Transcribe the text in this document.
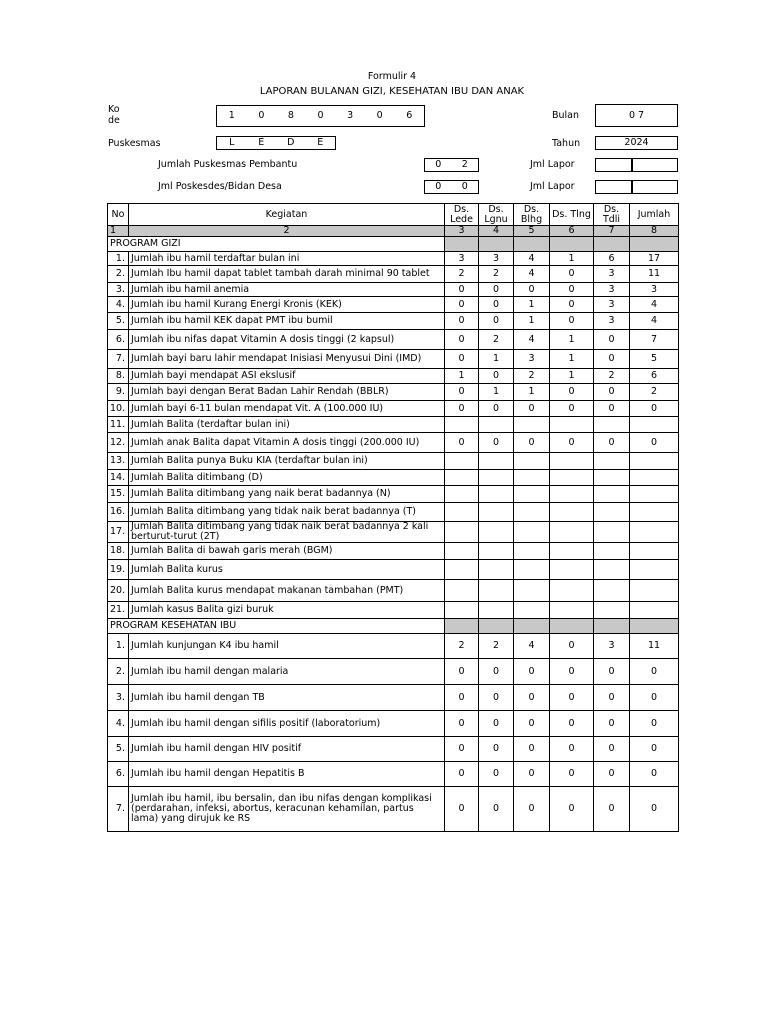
Formulir 4
LAPORAN BULANAN GIZI, KESEHATAN IBU DAN ANAK
Ko
de	1	0	8	0	3	0	6	Bulan	0 7
Puskesmas	L	E	D	E	Tahun	2024
Jumlah Puskesmas Pembantu	0	2	Jml Lapor
Jml Poskesdes/Bidan Desa	0	0	Jml Lapor
No	Kegiatan	Ds. Lede	Ds. Lgnu	Ds. Blhg	Ds. Tlng	Ds. Tdli	Jumlah
1	2	3	4	5	6	7	8
PROGRAM GIZI							
1.	Jumlah ibu hamil terdaftar bulan ini	3	3	4	1	6	17
2.	Jumlah Ibu hamil dapat tablet tambah darah minimal 90 tablet	2	2	4	0	3	11
3.	Jumlah ibu hamil anemia	0	0	0	0	3	3
4.	Jumlah ibu hamil Kurang Energi Kronis (KEK)	0	0	1	0	3	4
5.	Jumlah ibu hamil KEK dapat PMT ibu bumil	0	0	1	0	3	4
6.	Jumlah ibu nifas dapat Vitamin A dosis tinggi (2 kapsul)	0	2	4	1	0	7
7.	Jumlah bayi baru lahir mendapat Inisiasi Menyusui Dini (IMD)	0	1	3	1	0	5
8.	Jumlah bayi mendapat ASI ekslusif	1	0	2	1	2	6
9.	Jumlah bayi dengan Berat Badan Lahir Rendah (BBLR)	0	1	1	0	0	2
10.	Jumlah bayi 6-11 bulan mendapat Vit. A (100.000 IU)	0	0	0	0	0	0
11.	Jumlah Balita (terdaftar bulan ini)						
12.	Jumlah anak Balita dapat Vitamin A dosis tinggi (200.000 IU)	0	0	0	0	0	0
13.	Jumlah Balita punya Buku KIA (terdaftar bulan ini)						
14.	Jumlah Balita ditimbang (D)						
15.	Jumlah Balita ditimbang yang naik berat badannya (N)						
16.	Jumlah Balita ditimbang yang tidak naik berat badannya (T)						
17.	Jumlah Balita ditimbang yang tidak naik berat badannya 2 kali berturut-turut (2T)						
18.	Jumlah Balita di bawah garis merah (BGM)						
19.	Jumlah Balita kurus						
20.	Jumlah Balita kurus mendapat makanan tambahan (PMT)						
21.	Jumlah kasus Balita gizi buruk						
PROGRAM KESEHATAN IBU							
1.	Jumlah kunjungan K4 ibu hamil	2	2	4	0	3	11
2.	Jumlah ibu hamil dengan malaria	0	0	0	0	0	0
3.	Jumlah ibu hamil dengan TB	0	0	0	0	0	0
4.	Jumlah ibu hamil dengan sifilis positif (laboratorium)	0	0	0	0	0	0
5.	Jumlah ibu hamil dengan HIV positif	0	0	0	0	0	0
6.	Jumlah ibu hamil dengan Hepatitis B	0	0	0	0	0	0
7.	Jumlah ibu hamil, ibu bersalin, dan ibu nifas dengan komplikasi (perdarahan, infeksi, abortus, keracunan kehamilan, partus lama) yang dirujuk ke RS	0	0	0	0	0	0
